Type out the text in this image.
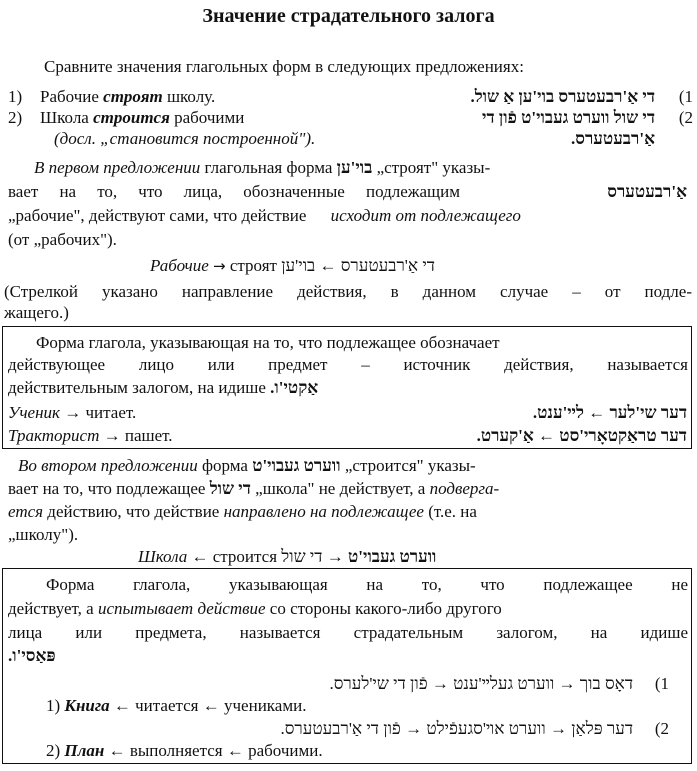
Значение страдательного залога
Сравните значения глагольных форм в следующих предложениях:
1) Рабочие строят школу.	די אַ'רבעטערס בוי'ען אַ שול. (1
2) Школа строится рабочими	די שול ווערט געבוי'ט פֿון די (2
(досл. „становится построенной").	אַ'רבעטערס.
В первом предложении глагольная форма בוי'ען „строят" указы-
вает на то, что лица, обозначенные подлежащим	אַ'רבעטערס
„рабочие", действуют сами, что действие исходит от подлежащего
(от „рабочих").
Рабочие → строят די אַ'רבעטערס ← בוי'ען
(Стрелкой указано направление действия, в данном случае – от подле-
жащего.)
Форма глагола, указывающая на то, что подлежащее обозначает
действующее лицо или предмет – источник действия, называется
действительным залогом, на идише אַקטי'ו.
Ученик → читает.	דער שי'לער ← לײ'ענט.
Тракторист → пашет.	דער טראַקטאָרי'סט ← אַ'קערט.
Во втором предложении форма ווערט געבוי'ט „строится" указы-
вает на то, что подлежащее די שול „школа" не действует, а подверга-
ется действию, что действие направлено на подлежащее (т.е. на
„школу").
Школа ← строится	ווערט געבוי'ט → די שול
Форма глагола, указывающая на то, что подлежащее не
действует, а испытывает действие со стороны какого-либо другого
лица или предмета, называется страдательным залогом, на идише
פּאַסי'ו.
דאָס בוך → ווערט געלײ'ענט → פֿון די שי'לערס. (1
1) Книга ← читается ← учениками.
דער פּלאַן → ווערט אױ'סגעפֿילט → פֿון די אַ'רבעטערס. (2
2) План ← выполняется ← рабочими.
